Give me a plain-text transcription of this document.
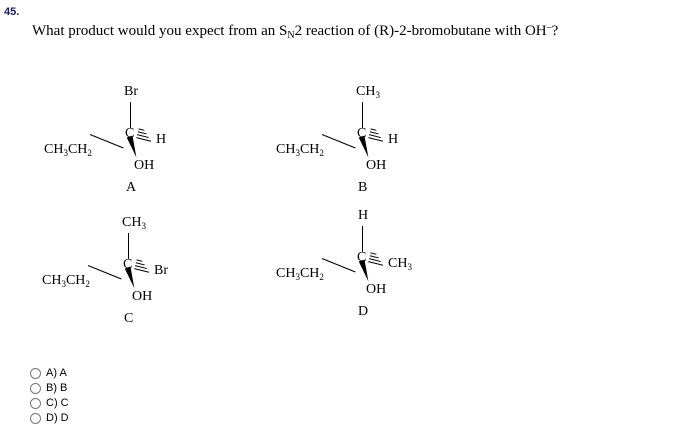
45.
What product would you expect from an $S_N2$ reaction of (R)-2-bromobutane with OH–?
Br
C
$CH_3CH_2$
H
OH
A
$CH_3$
C
$CH_3CH_2$
H
OH
B
$CH_3$
C
$CH_3CH_2$
Br
OH
C
H
C
$CH_3CH_2$
$CH_3$
OH
D
A) A
B) B
C) C
D) D
